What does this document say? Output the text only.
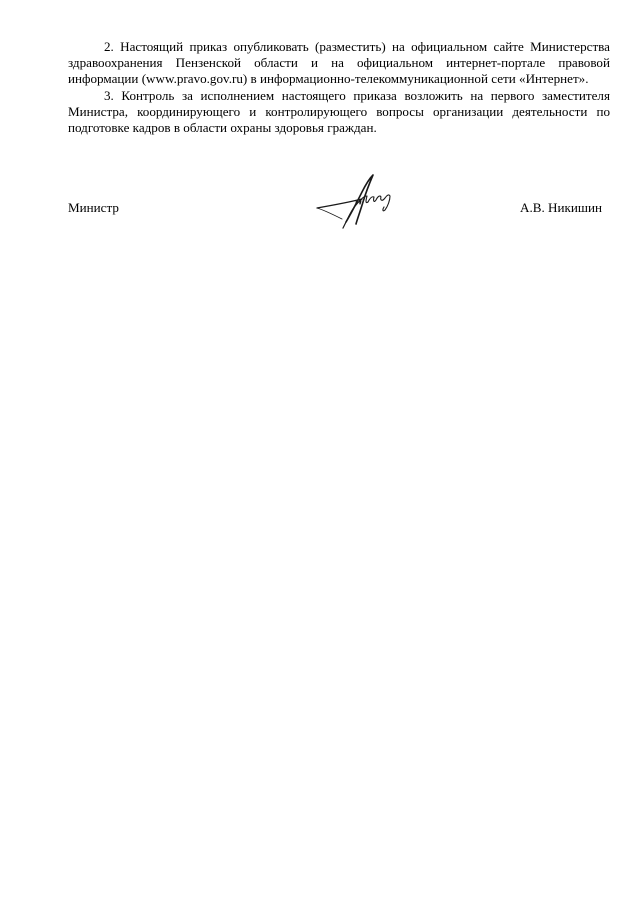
2. Настоящий приказ опубликовать (разместить) на официальном сайте Министерства здравоохранения Пензенской области и на официальном интернет-портале правовой информации (www.pravo.gov.ru) в информационно-телекоммуникационной сети «Интернет».

3. Контроль за исполнением настоящего приказа возложить на первого заместителя Министра, координирующего и контролирующего вопросы организации деятельности по подготовке кадров в области охраны здоровья граждан.

Министр	А.В. Никишин
